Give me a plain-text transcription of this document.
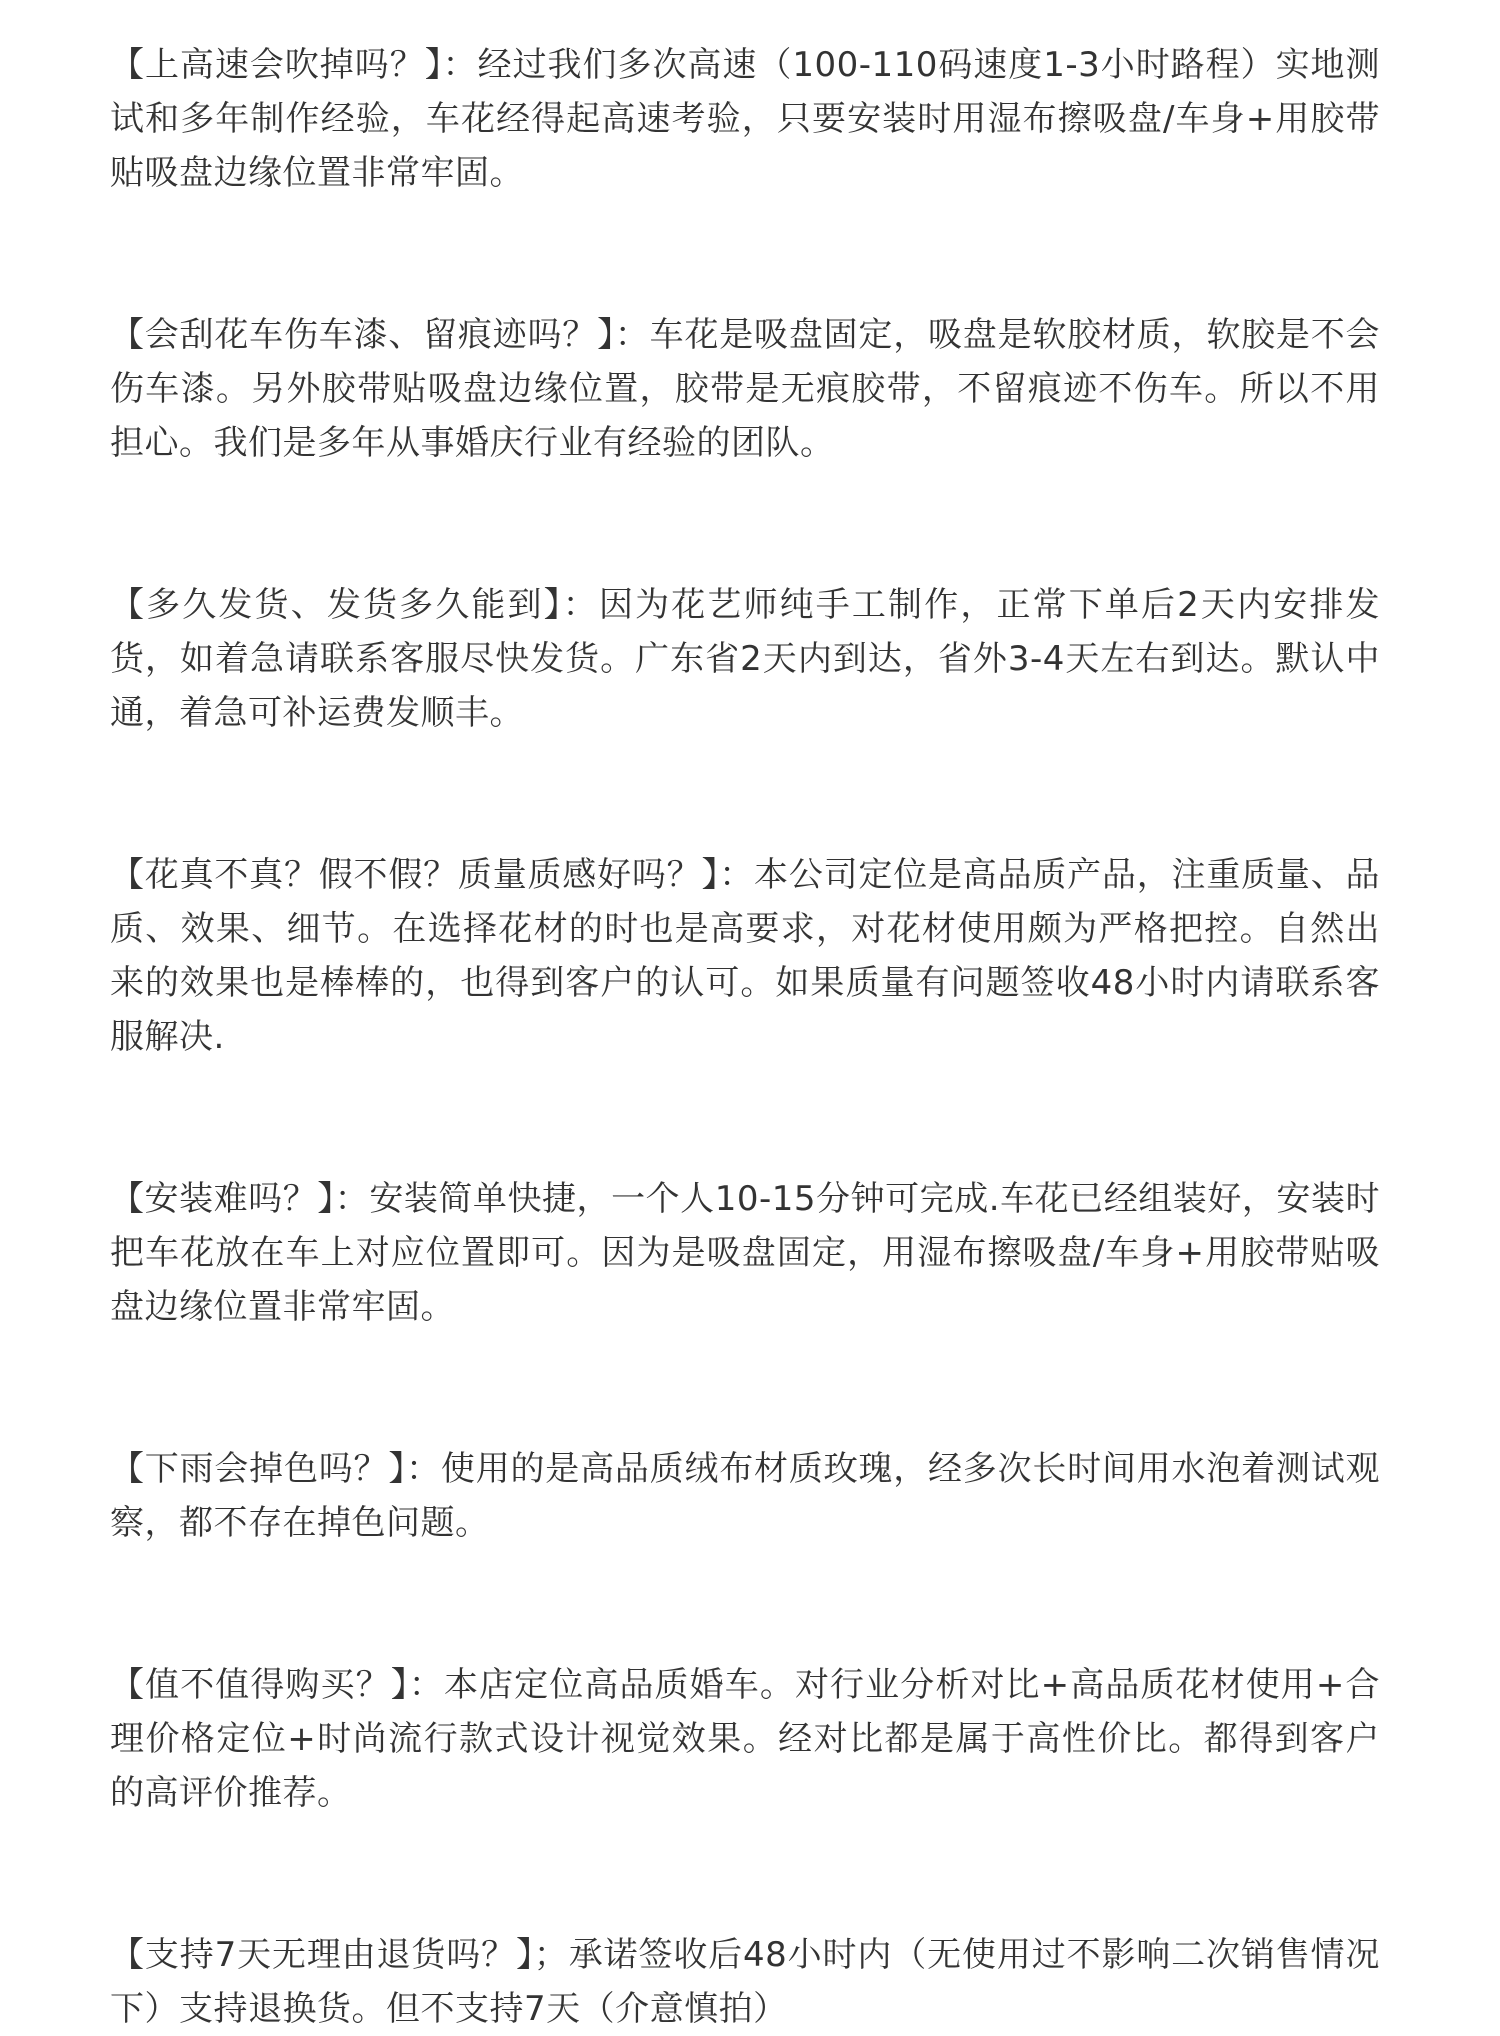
【上高速会吹掉吗？】：经过我们多次高速（100-110码速度1-3小时路程）实地测试和多年制作经验，车花经得起高速考验，只要安装时用湿布擦吸盘/车身+用胶带贴吸盘边缘位置非常牢固。

【会刮花车伤车漆、留痕迹吗？】：车花是吸盘固定，吸盘是软胶材质，软胶是不会伤车漆。另外胶带贴吸盘边缘位置，胶带是无痕胶带，不留痕迹不伤车。所以不用担心。我们是多年从事婚庆行业有经验的团队。

【多久发货、发货多久能到】：因为花艺师纯手工制作，正常下单后2天内安排发货，如着急请联系客服尽快发货。广东省2天内到达，省外3-4天左右到达。默认中通，着急可补运费发顺丰。

【花真不真？假不假？质量质感好吗？】：本公司定位是高品质产品，注重质量、品质、效果、细节。在选择花材的时也是高要求，对花材使用颇为严格把控。自然出来的效果也是棒棒的，也得到客户的认可。如果质量有问题签收48小时内请联系客服解决.

【安装难吗？】：安装简单快捷，一个人10-15分钟可完成.车花已经组装好，安装时把车花放在车上对应位置即可。因为是吸盘固定，用湿布擦吸盘/车身+用胶带贴吸盘边缘位置非常牢固。

【下雨会掉色吗？】：使用的是高品质绒布材质玫瑰，经多次长时间用水泡着测试观察，都不存在掉色问题。

【值不值得购买？】：本店定位高品质婚车。对行业分析对比+高品质花材使用+合理价格定位+时尚流行款式设计视觉效果。经对比都是属于高性价比。都得到客户的高评价推荐。

【支持7天无理由退货吗？】；承诺签收后48小时内（无使用过不影响二次销售情况下）支持退换货。但不支持7天（介意慎拍）
